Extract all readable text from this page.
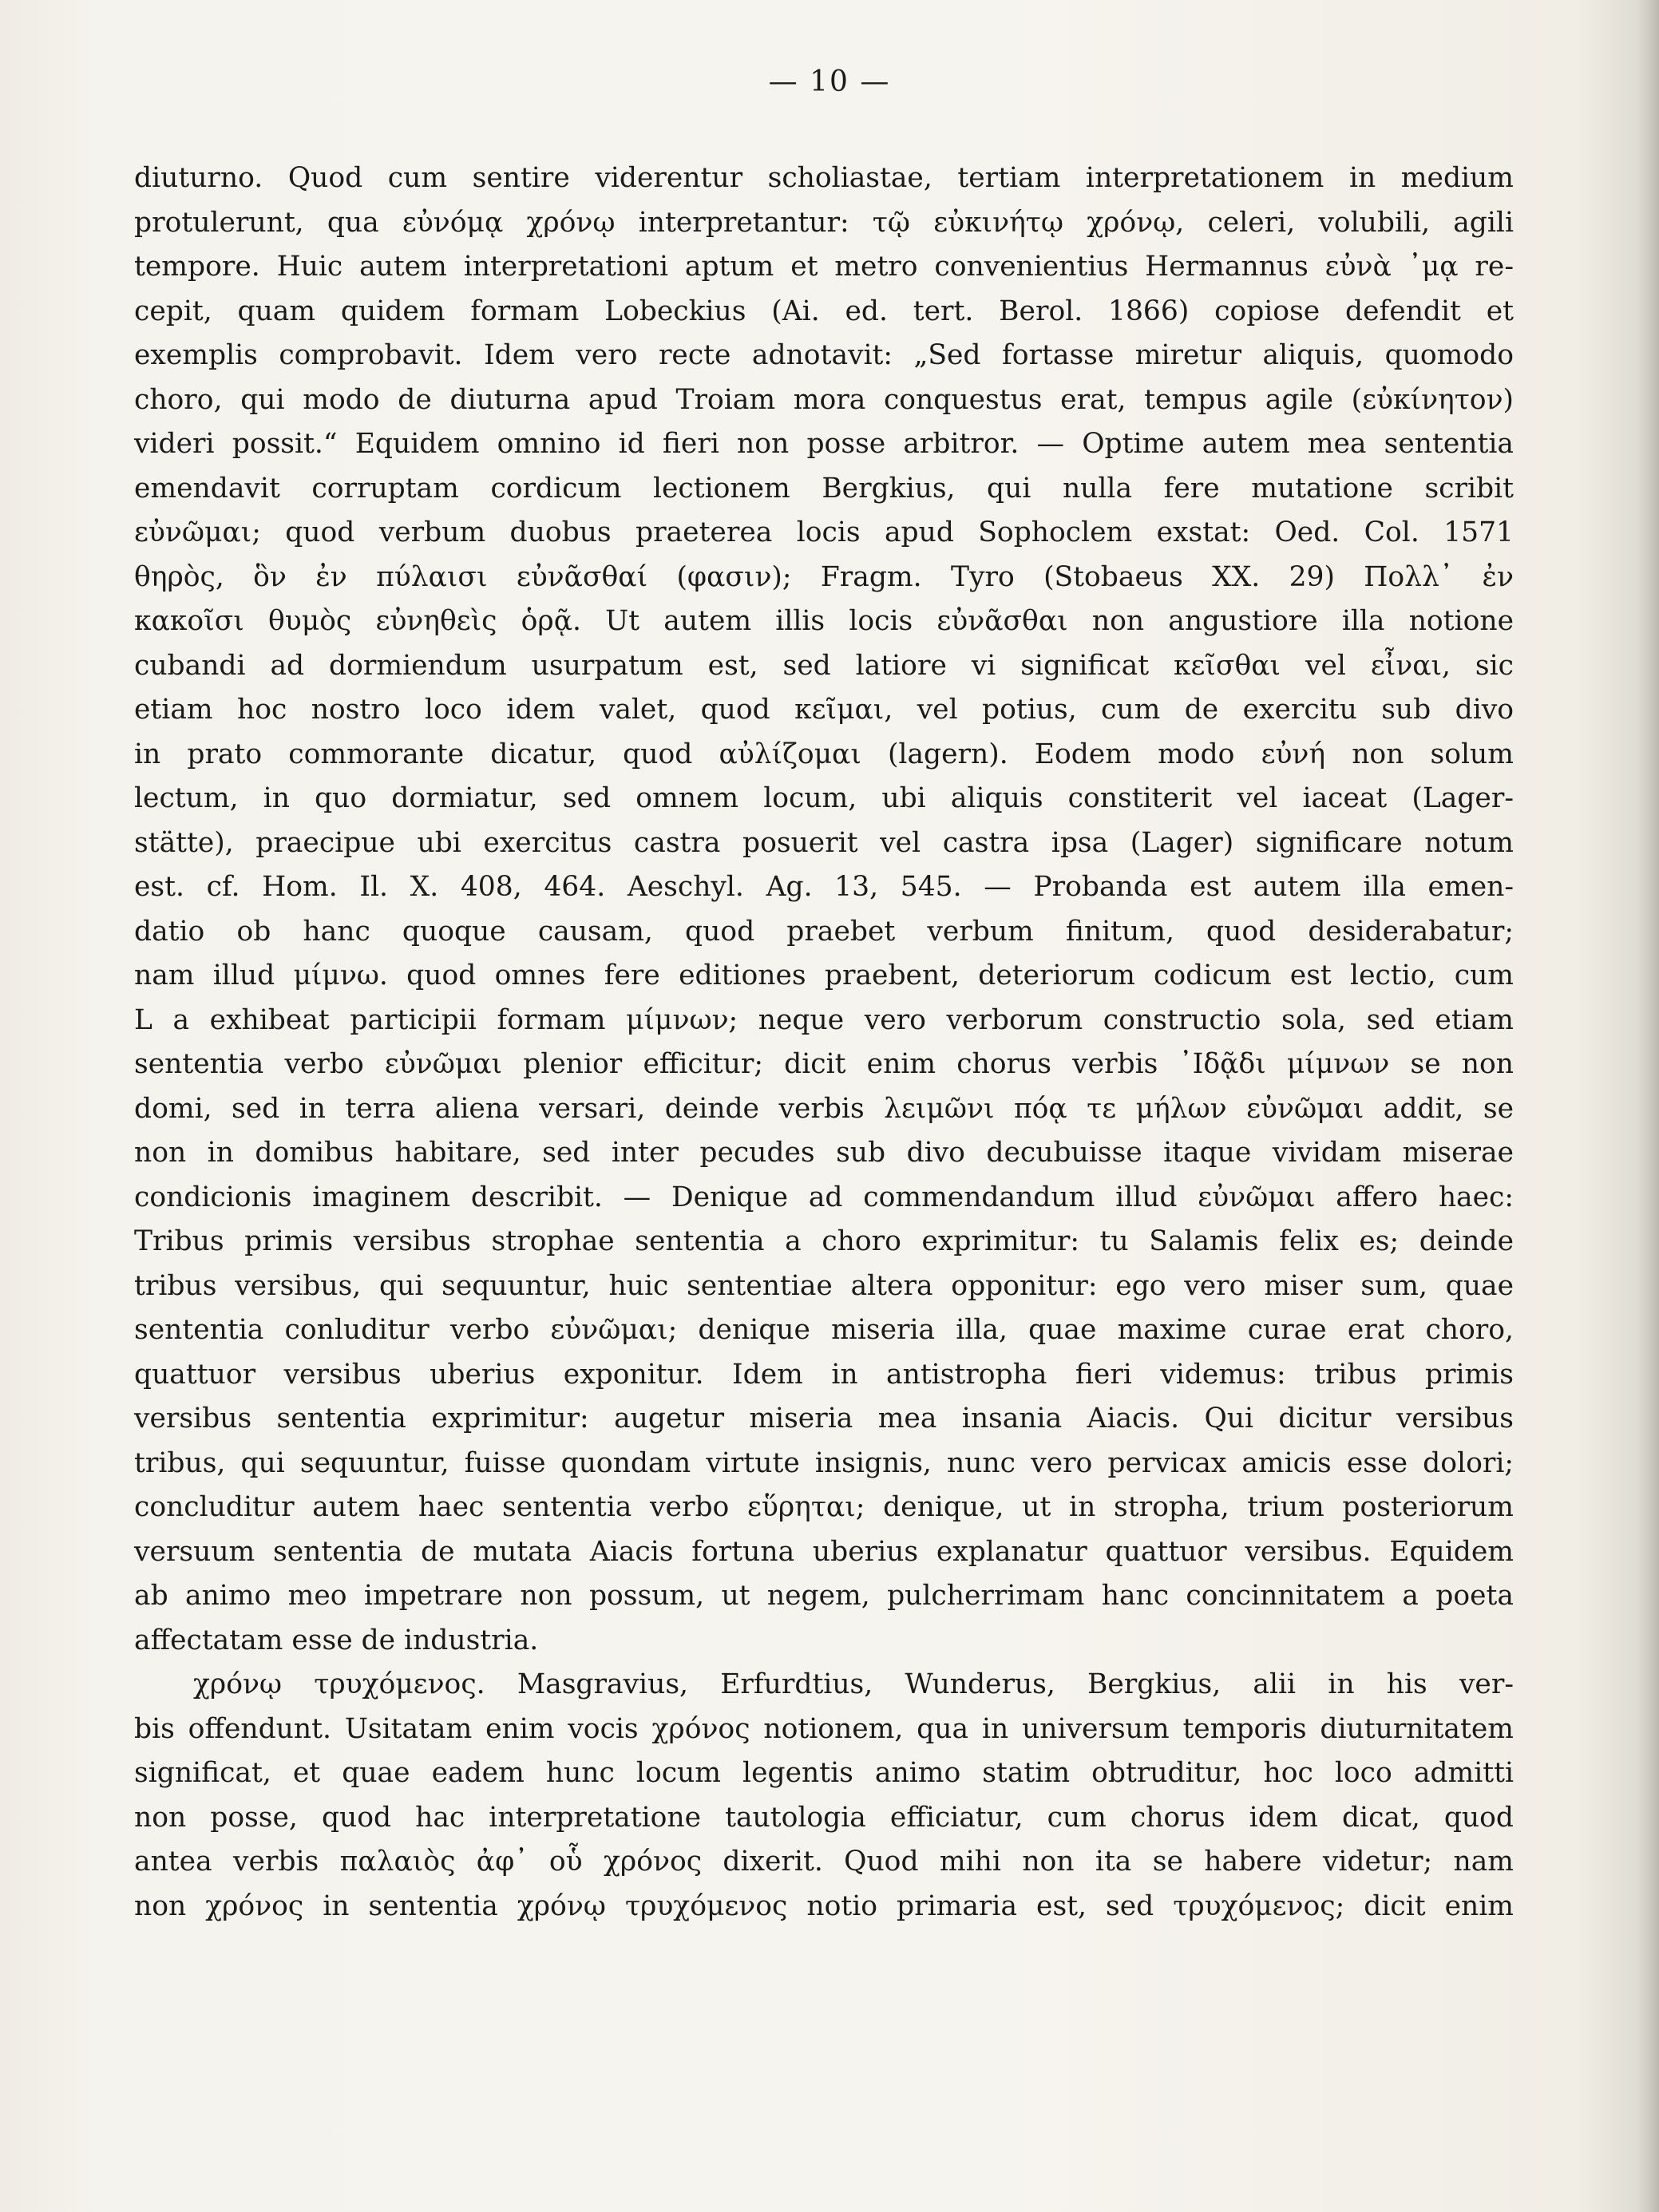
— 10 —
diuturno. Quod cum sentire viderentur scholiastae, tertiam interpretationem in medium
protulerunt, qua εὐνόμᾳ χρόνῳ interpretantur: τῷ εὐκινήτῳ χρόνῳ, celeri, volubili, agili
tempore. Huic autem interpretationi aptum et metro convenientius Hermannus εὐνὰ ᾽μᾳ re-
cepit, quam quidem formam Lobeckius (Ai. ed. tert. Berol. 1866) copiose defendit et
exemplis comprobavit. Idem vero recte adnotavit: „Sed fortasse miretur aliquis, quomodo
choro, qui modo de diuturna apud Troiam mora conquestus erat, tempus agile (εὐκίνητον)
videri possit.“ Equidem omnino id fieri non posse arbitror. — Optime autem mea sententia
emendavit corruptam cordicum lectionem Bergkius, qui nulla fere mutatione scribit
εὐνῶμαι; quod verbum duobus praeterea locis apud Sophoclem exstat: Oed. Col. 1571
θηρὸς, ὃν ἐν πύλαισι εὐνᾶσθαί (φασιν); Fragm. Tyro (Stobaeus XX. 29) Πολλ᾽ ἐν
κακοῖσι θυμὸς εὐνηθεὶς ὁρᾷ. Ut autem illis locis εὐνᾶσθαι non angustiore illa notione
cubandi ad dormiendum usurpatum est, sed latiore vi significat κεῖσθαι vel εἶναι, sic
etiam hoc nostro loco idem valet, quod κεῖμαι, vel potius, cum de exercitu sub divo
in prato commorante dicatur, quod αὐλίζομαι (lagern). Eodem modo εὐνή non solum
lectum, in quo dormiatur, sed omnem locum, ubi aliquis constiterit vel iaceat (Lager-
stätte), praecipue ubi exercitus castra posuerit vel castra ipsa (Lager) significare notum
est. cf. Hom. Il. X. 408, 464. Aeschyl. Ag. 13, 545. — Probanda est autem illa emen-
datio ob hanc quoque causam, quod praebet verbum finitum, quod desiderabatur;
nam illud μίμνω. quod omnes fere editiones praebent, deteriorum codicum est lectio, cum
L a exhibeat participii formam μίμνων; neque vero verborum constructio sola, sed etiam
sententia verbo εὐνῶμαι plenior efficitur; dicit enim chorus verbis ᾽Ιδᾷδι μίμνων se non
domi, sed in terra aliena versari, deinde verbis λειμῶνι πόᾳ τε μήλων εὐνῶμαι addit, se
non in domibus habitare, sed inter pecudes sub divo decubuisse itaque vividam miserae
condicionis imaginem describit. — Denique ad commendandum illud εὐνῶμαι affero haec:
Tribus primis versibus strophae sententia a choro exprimitur: tu Salamis felix es; deinde
tribus versibus, qui sequuntur, huic sententiae altera opponitur: ego vero miser sum, quae
sententia conluditur verbo εὐνῶμαι; denique miseria illa, quae maxime curae erat choro,
quattuor versibus uberius exponitur. Idem in antistropha fieri videmus: tribus primis
versibus sententia exprimitur: augetur miseria mea insania Aiacis. Qui dicitur versibus
tribus, qui sequuntur, fuisse quondam virtute insignis, nunc vero pervicax amicis esse dolori;
concluditur autem haec sententia verbo εὕρηται; denique, ut in stropha, trium posteriorum
versuum sententia de mutata Aiacis fortuna uberius explanatur quattuor versibus. Equidem
ab animo meo impetrare non possum, ut negem, pulcherrimam hanc concinnitatem a poeta
affectatam esse de industria.
χρόνῳ τρυχόμενος. Masgravius, Erfurdtius, Wunderus, Bergkius, alii in his ver-
bis offendunt. Usitatam enim vocis χρόνος notionem, qua in universum temporis diuturnitatem
significat, et quae eadem hunc locum legentis animo statim obtruditur, hoc loco admitti
non posse, quod hac interpretatione tautologia efficiatur, cum chorus idem dicat, quod
antea verbis παλαιὸς ἀφ᾽ οὗ χρόνος dixerit. Quod mihi non ita se habere videtur; nam
non χρόνος in sententia χρόνῳ τρυχόμενος notio primaria est, sed τρυχόμενος; dicit enim
